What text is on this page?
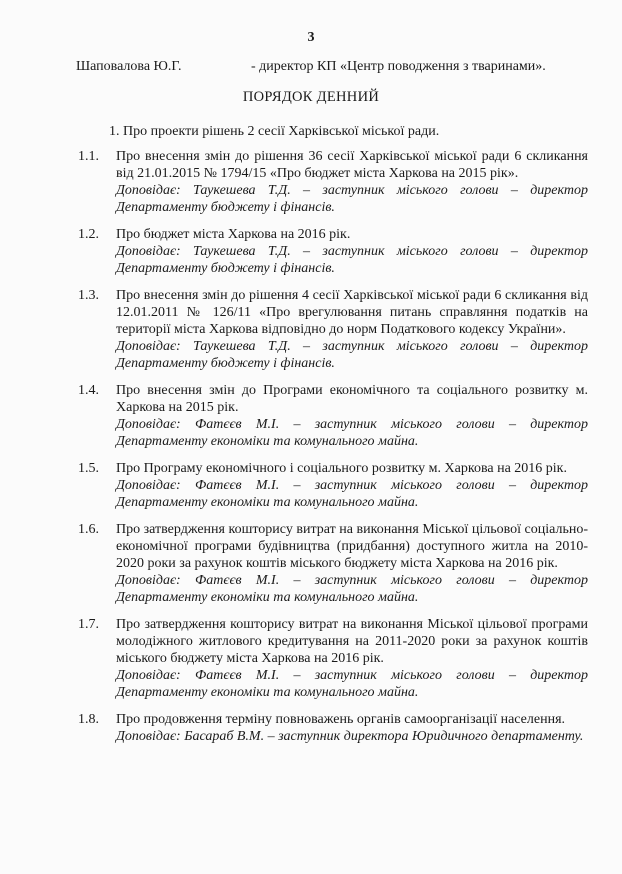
3
Шаповалова Ю.Г.	- директор КП «Центр поводження з тваринами».
ПОРЯДОК ДЕННИЙ
1. Про проекти рішень 2 сесії Харківської міської ради.
1.1.	Про внесення змін до рішення 36 сесії Харківської міської ради 6 скликання від 21.01.2015 № 1794/15 «Про бюджет міста Харкова на 2015 рік».
Доповідає: Таукешева Т.Д. – заступник міського голови – директор Департаменту бюджету і фінансів.
1.2.	Про бюджет міста Харкова на 2016 рік.
Доповідає: Таукешева Т.Д. – заступник міського голови – директор Департаменту бюджету і фінансів.
1.3.	Про внесення змін до рішення 4 сесії Харківської міської ради 6 скликання від 12.01.2011 № 126/11 «Про врегулювання питань справляння податків на території міста Харкова відповідно до норм Податкового кодексу України».
Доповідає: Таукешева Т.Д. – заступник міського голови – директор Департаменту бюджету і фінансів.
1.4.	Про внесення змін до Програми економічного та соціального розвитку м. Харкова на 2015 рік.
Доповідає: Фатєєв М.І. – заступник міського голови – директор Департаменту економіки та комунального майна.
1.5.	Про Програму економічного і соціального розвитку м. Харкова на 2016 рік.
Доповідає: Фатєєв М.І. – заступник міського голови – директор Департаменту економіки та комунального майна.
1.6.	Про затвердження кошторису витрат на виконання Міської цільової соціально-економічної програми будівництва (придбання) доступного житла на 2010-2020 роки за рахунок коштів міського бюджету міста Харкова на 2016 рік.
Доповідає: Фатєєв М.І. – заступник міського голови – директор Департаменту економіки та комунального майна.
1.7.	Про затвердження кошторису витрат на виконання Міської цільової програми молодіжного житлового кредитування на 2011-2020 роки за рахунок коштів міського бюджету міста Харкова на 2016 рік.
Доповідає: Фатєєв М.І. – заступник міського голови – директор Департаменту економіки та комунального майна.
1.8.	Про продовження терміну повноважень органів самоорганізації населення.
Доповідає: Басараб В.М. – заступник директора Юридичного департаменту.
